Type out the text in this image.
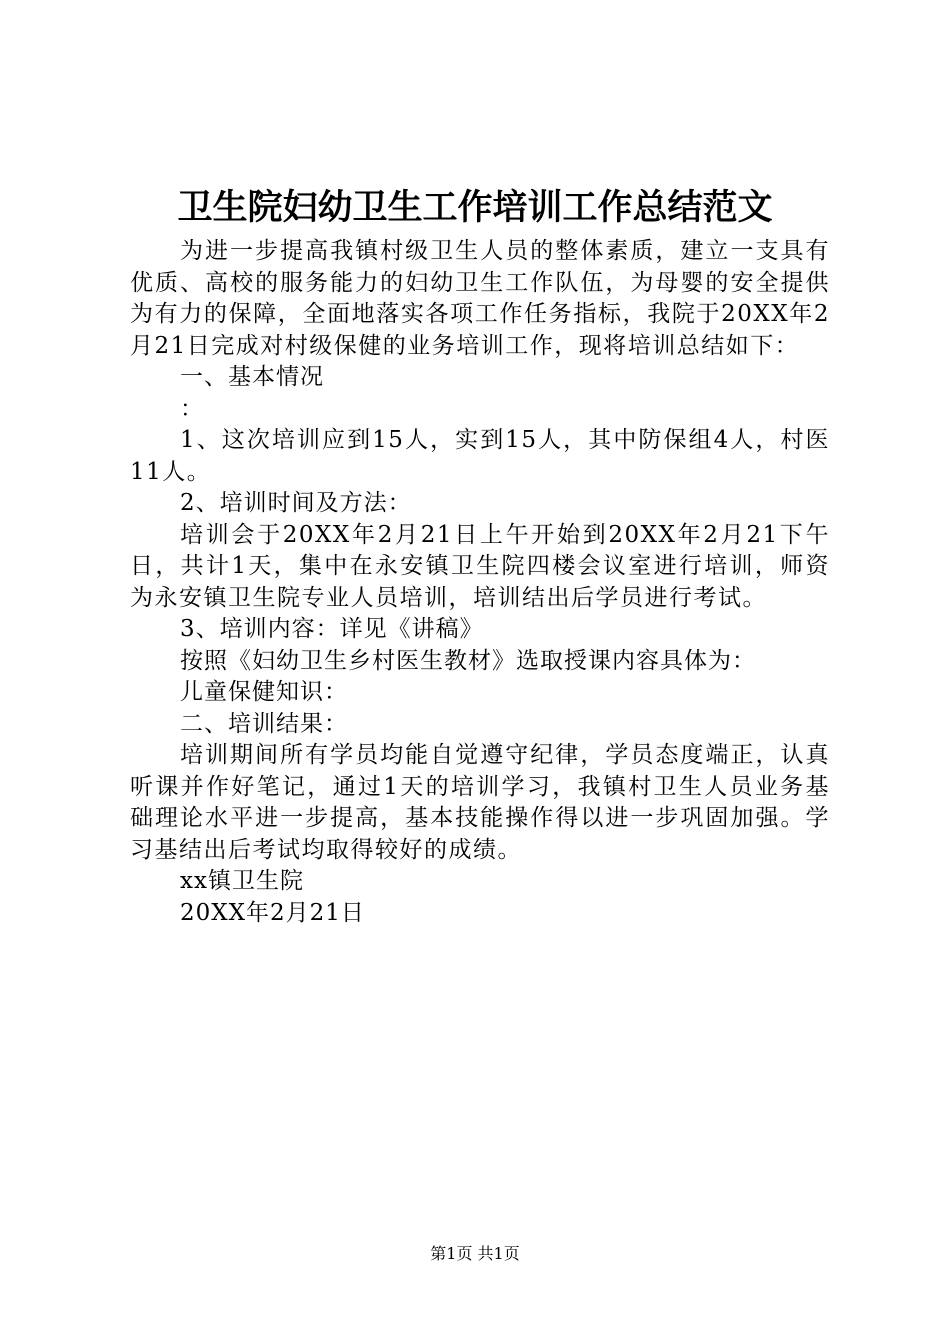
卫生院妇幼卫生工作培训工作总结范文

为进一步提高我镇村级卫生人员的整体素质，建立一支具有优质、高校的服务能力的妇幼卫生工作队伍，为母婴的安全提供为有力的保障，全面地落实各项工作任务指标，我院于20XX年2月21日完成对村级保健的业务培训工作，现将培训总结如下：

一、基本情况

：

1、这次培训应到15人，实到15人，其中防保组4人，村医11人。

2、培训时间及方法：

培训会于20XX年2月21日上午开始到20XX年2月21下午日，共计1天，集中在永安镇卫生院四楼会议室进行培训，师资为永安镇卫生院专业人员培训，培训结出后学员进行考试。

3、培训内容：详见《讲稿》

按照《妇幼卫生乡村医生教材》选取授课内容具体为：

儿童保健知识：

二、培训结果：

培训期间所有学员均能自觉遵守纪律，学员态度端正，认真听课并作好笔记，通过1天的培训学习，我镇村卫生人员业务基础理论水平进一步提高，基本技能操作得以进一步巩固加强。学习基结出后考试均取得较好的成绩。

xx镇卫生院

20XX年2月21日

第1页 共1页
